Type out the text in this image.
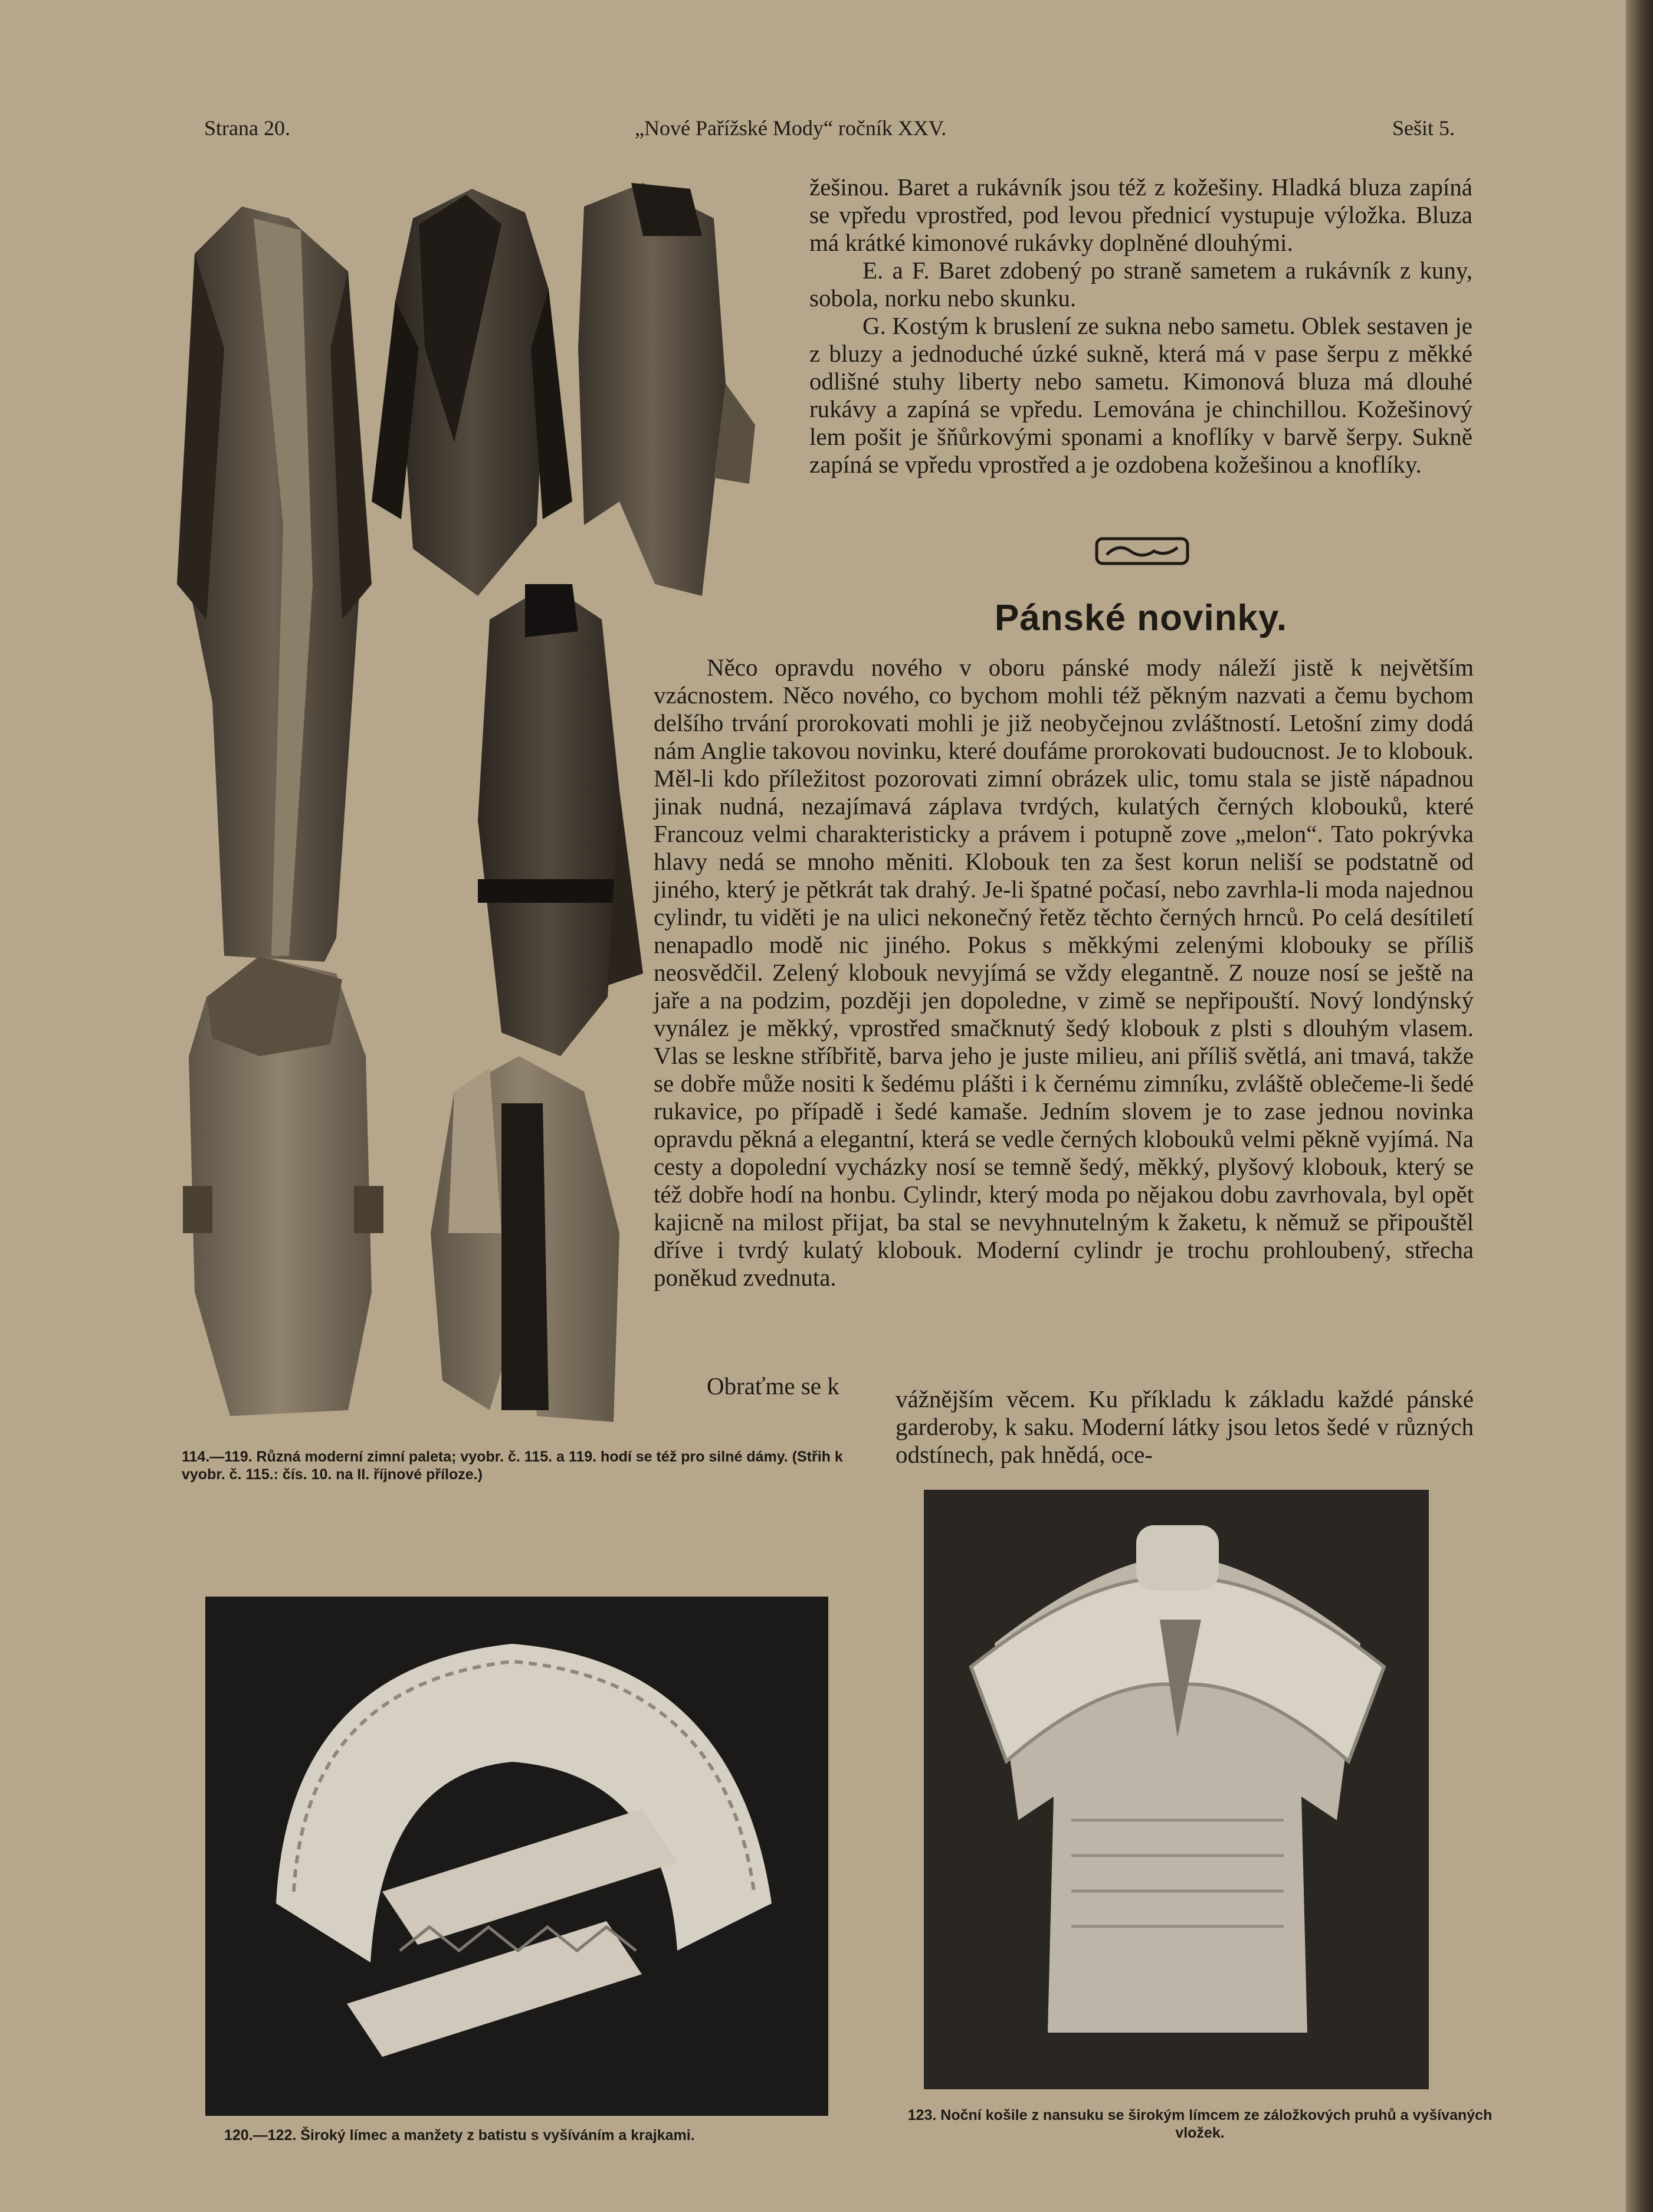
Strana 20.	„Nové Pařížské Mody“ ročník XXV.	Sešit 5.
114.—119. Různá moderní zimní paleta; vyobr. č. 115. a 119. hodí se též pro silné dámy. (Střih k vyobr. č. 115.: čís. 10. na II. říjnové příloze.)

žešinou. Baret a rukávník jsou též z kožešiny. Hladká bluza zapíná se vpředu vprostřed, pod levou přednicí vystupuje výložka. Bluza má krátké kimonové rukávky doplněné dlouhými.

E. a F. Baret zdobený po straně sametem a rukávník z kuny, sobola, norku nebo skunku.

G. Kostým k bruslení ze sukna nebo sametu. Oblek sestaven je z bluzy a jednoduché úzké sukně, která má v pase šerpu z měkké odlišné stuhy liberty nebo sametu. Kimonová bluza má dlouhé rukávy a zapíná se vpředu. Lemována je chinchillou. Kožešinový lem pošit je šňůrkovými sponami a knoflíky v barvě šerpy. Sukně zapíná se vpředu vprostřed a je ozdobena kožešinou a knoflíky.

Pánské novinky.

Něco opravdu nového v oboru pánské mody náleží jistě k největším vzácnostem. Něco nového, co bychom mohli též pěkným nazvati a čemu bychom delšího trvání prorokovati mohli je již neobyčejnou zvláštností. Letošní zimy dodá nám Anglie takovou novinku, které doufáme prorokovati budoucnost. Je to klobouk. Měl-li kdo příležitost pozorovati zimní obrázek ulic, tomu stala se jistě nápadnou jinak nudná, nezajímavá záplava tvrdých, kulatých černých klobouků, které Francouz velmi charakteristicky a právem i potupně zove „melon“. Tato pokrývka hlavy nedá se mnoho měniti. Klobouk ten za šest korun neliší se podstatně od jiného, který je pětkrát tak drahý. Je-li špatné počasí, nebo zavrhla-li moda najednou cylindr, tu viděti je na ulici nekonečný řetěz těchto černých hrnců. Po celá desítiletí nenapadlo modě nic jiného. Pokus s měkkými zelenými klobouky se příliš neosvědčil. Zelený klobouk nevyjímá se vždy elegantně. Z nouze nosí se ještě na jaře a na podzim, později jen dopoledne, v zimě se nepřipouští. Nový londýnský vynález je měkký, vprostřed smačknutý šedý klobouk z plsti s dlouhým vlasem. Vlas se leskne stříbřitě, barva jeho je juste milieu, ani příliš světlá, ani tmavá, takže se dobře může nositi k šedému plášti i k černému zimníku, zvláště oblečeme-li šedé rukavice, po případě i šedé kamaše. Jedním slovem je to zase jednou novinka opravdu pěkná a elegantní, která se vedle černých klobouků velmi pěkně vyjímá. Na cesty a dopolední vycházky nosí se temně šedý, měkký, plyšový klobouk, který se též dobře hodí na honbu. Cylindr, který moda po nějakou dobu zavrhovala, byl opět kajicně na milost přijat, ba stal se nevyhnutelným k žaketu, k němuž se připouštěl dříve i tvrdý kulatý klobouk. Moderní cylindr je trochu prohloubený, střecha poněkud zvednuta.

Obraťme se k vážnějším věcem. Ku příkladu k základu každé pánské garderoby, k saku. Moderní látky jsou letos šedé v různých odstínech, pak hnědá, oce-

120.—122. Široký límec a manžety z batistu s vyšíváním a krajkami.
123. Noční košile z nansuku se širokým límcem ze záložkových pruhů a vyšívaných vložek.
